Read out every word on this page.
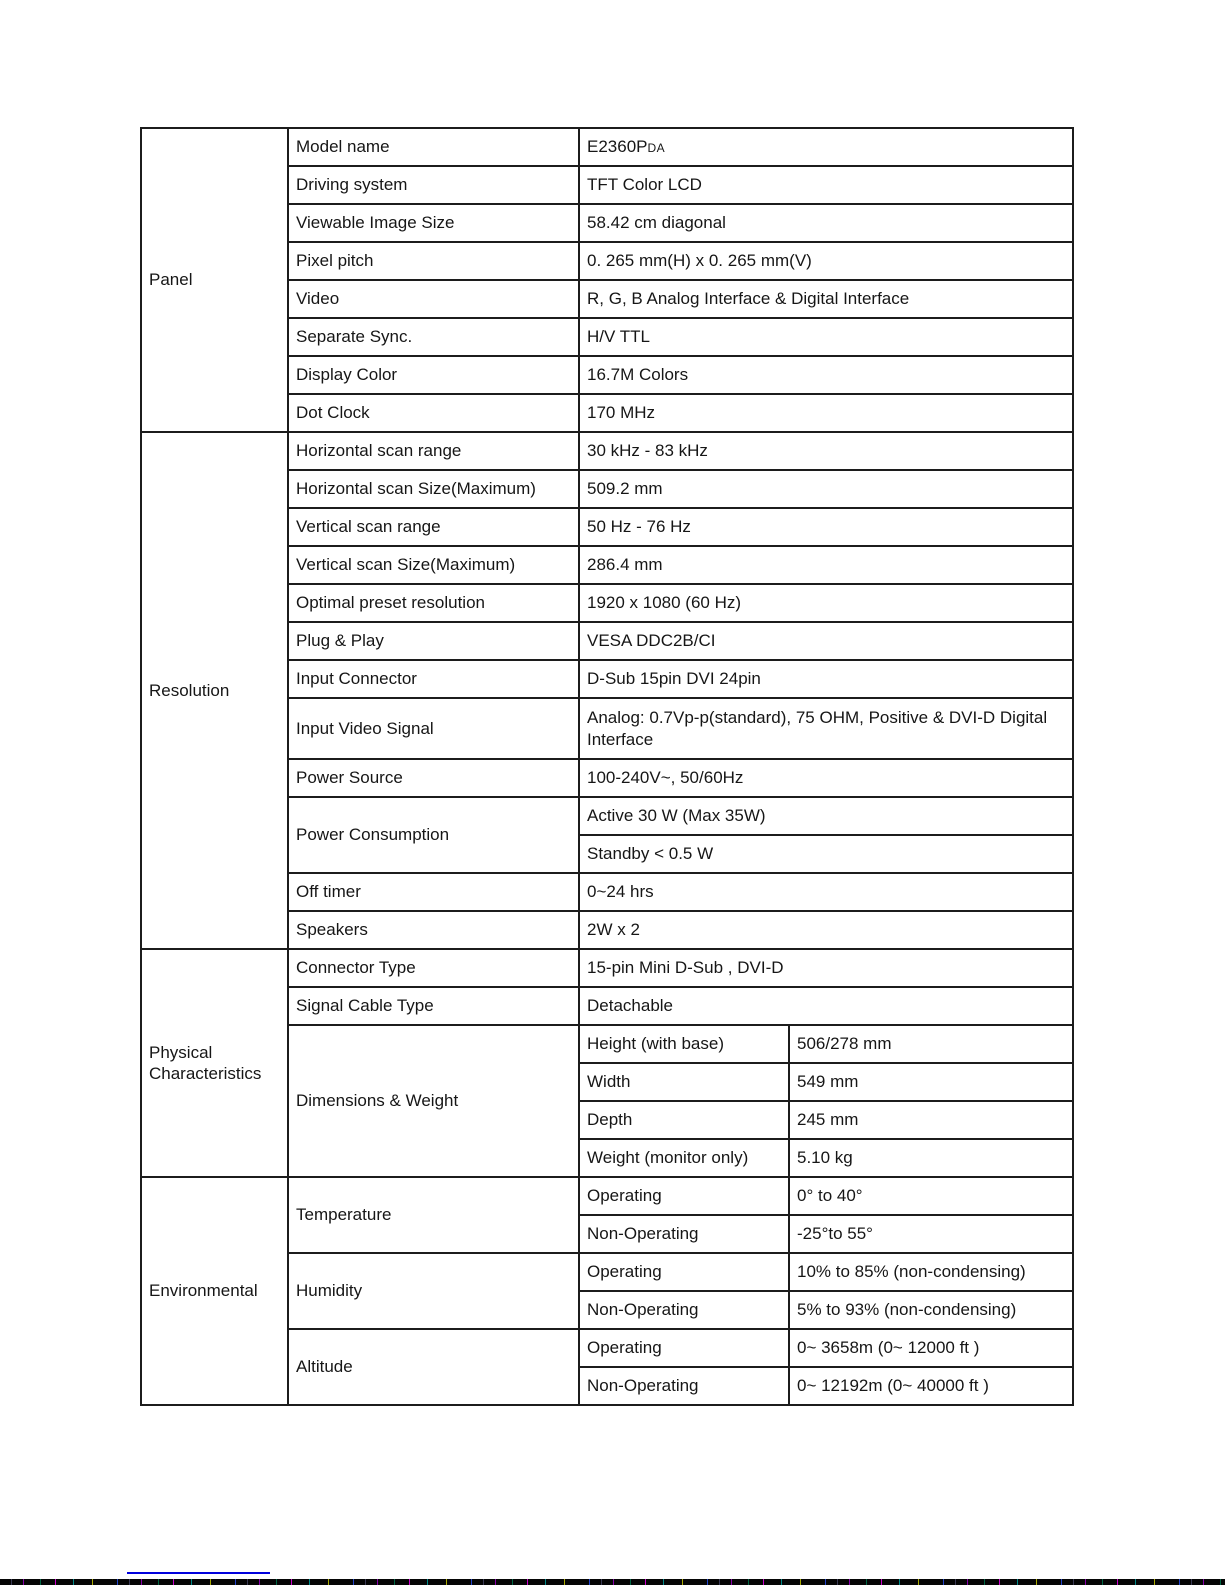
Panel	Model name	E2360PDA	
	Driving system	TFT Color LCD	
	Viewable Image Size	58.42 cm diagonal	
	Pixel pitch	0. 265 mm(H) x 0. 265 mm(V)	
	Video	R, G, B Analog Interface & Digital Interface	
	Separate Sync.	H/V TTL	
	Display Color	16.7M Colors	
	Dot Clock	170 MHz	
Resolution	Horizontal scan range	30 kHz - 83 kHz	
	Horizontal scan Size(Maximum)	509.2 mm	
	Vertical scan range	50 Hz - 76 Hz	
	Vertical scan Size(Maximum)	286.4 mm	
	Optimal preset resolution	1920 x 1080 (60 Hz)	
	Plug & Play	VESA DDC2B/CI	
	Input Connector	D-Sub 15pin DVI 24pin	
	Input Video Signal	Analog: 0.7Vp-p(standard), 75 OHM, Positive & DVI-D Digital Interface	
	Power Source	100-240V~, 50/60Hz	
	Power Consumption	Active 30 W (Max 35W)	
		Standby < 0.5 W	
	Off timer	0~24 hrs	
	Speakers	2W x 2	
Physical Characteristics	Connector Type	15-pin Mini D-Sub , DVI-D	
	Signal Cable Type	Detachable	
	Dimensions & Weight	Height (with base)	506/278 mm
		Width	549 mm
		Depth	245 mm
		Weight (monitor only)	5.10 kg
Environmental	Temperature	Operating	0° to 40°
		Non-Operating	-25°to 55°
	Humidity	Operating	10% to 85% (non-condensing)
		Non-Operating	5% to 93% (non-condensing)
	Altitude	Operating	0~ 3658m (0~ 12000 ft )
		Non-Operating	0~ 12192m (0~ 40000 ft )
